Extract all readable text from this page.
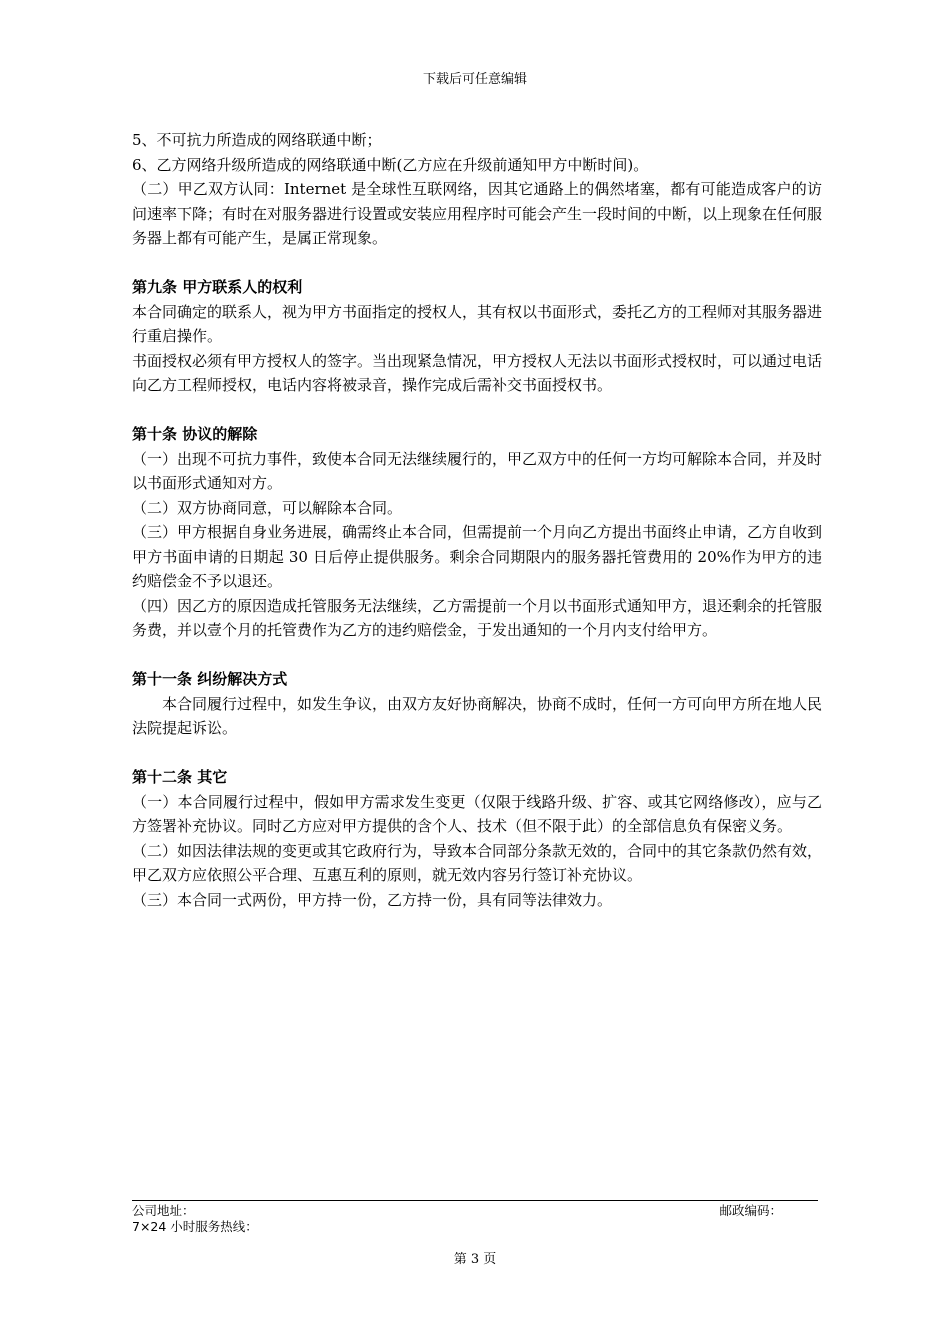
下载后可任意编辑

5、不可抗力所造成的网络联通中断；

6、乙方网络升级所造成的网络联通中断(乙方应在升级前通知甲方中断时间)。

（二）甲乙双方认同：Internet 是全球性互联网络，因其它通路上的偶然堵塞，都有可能造成客户的访问速率下降；有时在对服务器进行设置或安装应用程序时可能会产生一段时间的中断，以上现象在任何服务器上都有可能产生，是属正常现象。

第九条 甲方联系人的权利

本合同确定的联系人，视为甲方书面指定的授权人，其有权以书面形式，委托乙方的工程师对其服务器进行重启操作。

书面授权必须有甲方授权人的签字。当出现紧急情况，甲方授权人无法以书面形式授权时，可以通过电话向乙方工程师授权，电话内容将被录音，操作完成后需补交书面授权书。

第十条 协议的解除

（一）出现不可抗力事件，致使本合同无法继续履行的，甲乙双方中的任何一方均可解除本合同，并及时以书面形式通知对方。

（二）双方协商同意，可以解除本合同。

（三）甲方根据自身业务进展，确需终止本合同，但需提前一个月向乙方提出书面终止申请，乙方自收到甲方书面申请的日期起 30 日后停止提供服务。剩余合同期限内的服务器托管费用的 20%作为甲方的违约赔偿金不予以退还。

（四）因乙方的原因造成托管服务无法继续，乙方需提前一个月以书面形式通知甲方，退还剩余的托管服务费，并以壹个月的托管费作为乙方的违约赔偿金，于发出通知的一个月内支付给甲方。

第十一条 纠纷解决方式

本合同履行过程中，如发生争议，由双方友好协商解决，协商不成时，任何一方可向甲方所在地人民法院提起诉讼。

第十二条 其它

（一）本合同履行过程中，假如甲方需求发生变更（仅限于线路升级、扩容、或其它网络修改），应与乙方签署补充协议。同时乙方应对甲方提供的含个人、技术（但不限于此）的全部信息负有保密义务。

（二）如因法律法规的变更或其它政府行为，导致本合同部分条款无效的，合同中的其它条款仍然有效，甲乙双方应依照公平合理、互惠互利的原则，就无效内容另行签订补充协议。

（三）本合同一式两份，甲方持一份，乙方持一份，具有同等法律效力。

公司地址：	邮政编码：
7×24 小时服务热线：
第 3 页
